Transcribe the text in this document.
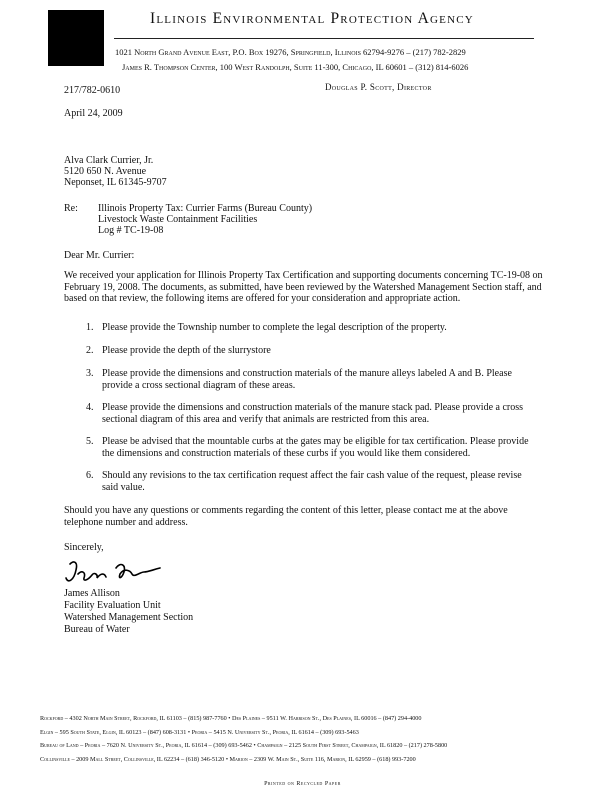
Illinois Environmental Protection Agency
1021 North Grand Avenue East, P.O. Box 19276, Springfield, Illinois 62794-9276 – (217) 782-2829
James R. Thompson Center, 100 West Randolph, Suite 11-300, Chicago, IL 60601 – (312) 814-6026
Douglas P. Scott, Director
217/782-0610
April 24, 2009
Alva Clark Currier, Jr.
5120 650 N. Avenue
Neponset, IL 61345-9707
Re: Illinois Property Tax: Currier Farms (Bureau County)
Livestock Waste Containment Facilities
Log # TC-19-08
Dear Mr. Currier:
We received your application for Illinois Property Tax Certification and supporting documents concerning TC-19-08 on February 19, 2008. The documents, as submitted, have been reviewed by the Watershed Management Section staff, and based on that review, the following items are offered for your consideration and appropriate action.
1. Please provide the Township number to complete the legal description of the property.
2. Please provide the depth of the slurrystore
3. Please provide the dimensions and construction materials of the manure alleys labeled A and B. Please provide a cross sectional diagram of these areas.
4. Please provide the dimensions and construction materials of the manure stack pad. Please provide a cross sectional diagram of this area and verify that animals are restricted from this area.
5. Please be advised that the mountable curbs at the gates may be eligible for tax certification. Please provide the dimensions and construction materials of these curbs if you would like them considered.
6. Should any revisions to the tax certification request affect the fair cash value of the request, please revise said value.
Should you have any questions or comments regarding the content of this letter, please contact me at the above telephone number and address.
Sincerely,
James Allison
Facility Evaluation Unit
Watershed Management Section
Bureau of Water
Rockford – 4302 North Main Street, Rockford, IL 61103 – (815) 987-7760 • Des Plaines – 9511 W. Harrison St., Des Plaines, IL 60016 – (847) 294-4000
Elgin – 595 South State, Elgin, IL 60123 – (847) 608-3131 • Peoria – 5415 N. University St., Peoria, IL 61614 – (309) 693-5463
Bureau of Land – Peoria – 7620 N. University St., Peoria, IL 61614 – (309) 693-5462 • Champaign – 2125 South First Street, Champaign, IL 61820 – (217) 278-5800
Collinsville – 2009 Mall Street, Collinsville, IL 62234 – (618) 346-5120 • Marion – 2309 W. Main St., Suite 116, Marion, IL 62959 – (618) 993-7200
Printed on Recycled Paper
